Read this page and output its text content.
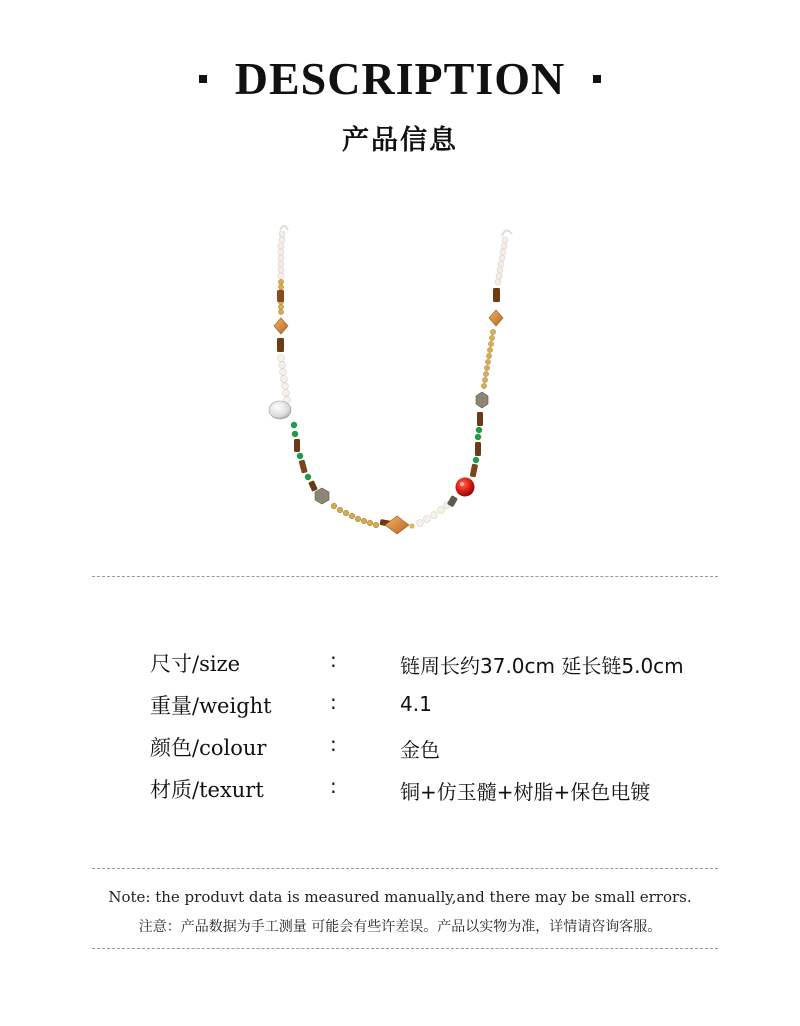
DESCRIPTION
产品信息
尺寸/size	:	链周长约37.0cm 延长链5.0cm
重量/weight	:	4.1
颜色/colour	:	金色
材质/texurt	:	铜+仿玉髓+树脂+保色电镀
Note: the produvt data is measured manually,and there may be small errors.
注意：产品数据为手工测量 可能会有些许差误。产品以实物为准，详情请咨询客服。
